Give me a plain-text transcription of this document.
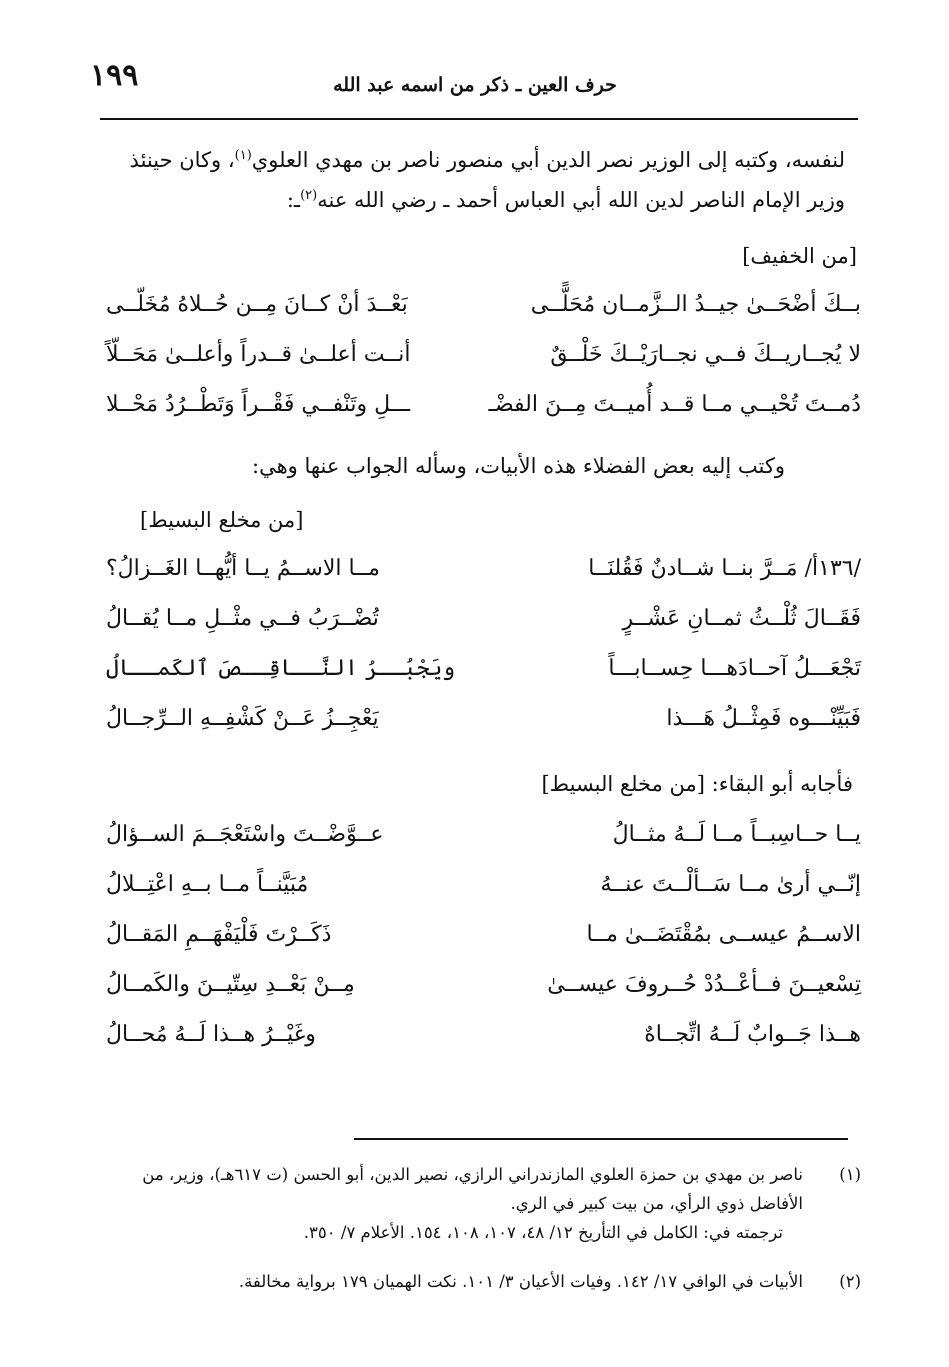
١٩٩	حرف العين ـ ذكر من اسمه عبد الله
لنفسه، وكتبه إلى الوزير نصر الدين أبي منصور ناصر بن مهدي العلوي$^{(١)}$، وكان حينئذ
وزير الإمام الناصر لدين الله أبي العباس أحمد ـ رضي الله عنه$^{(٢)}$ـ:
[من الخفيف]
بــكَ أضْحَــىٰ جيــدُ الــزَّمــان مُحَلًّــى
بَعْــدَ أنْ كــانَ مِــن حُــلاهُ مُخَلّــى
لا يُجــاريــكَ فــي نجــارَيْــكَ خَلْــقٌ
أنــت أعلــىٰ قــدراً وأعلــىٰ مَحَــلّاً
دُمــتَ تُحْيــي مــا قــد أُميــتَ مِــنَ الفضْـ
ـــلِ وتَنْفــي فَقْــراً وَتَطْــرُدُ مَحْــلا
وكتب إليه بعض الفضلاء هذه الأبيات، وسأله الجواب عنها وهي:
[من مخلع البسيط]
/١٣٦أ/ مَــرَّ بنــا شــادنٌ فَقُلنَــا
مــا الاســمُ يــا أيُّهــا الغَــزالُ؟
فَقَــالَ ثُلْــثُ ثمــانِ عَشْــرٍ
تُضْــرَبُ فــي مثْــلِ مــا يُقــالُ
تَجْعَـــلُ آحــادَهـــا حِســابـــاً
ويَجْبُــرُ النَّــاقِــصَ ٱلكَمــالُ
فَبَيِّنْـــوه فَمِثْــلُ هَـــذا
يَعْجِــزُ عَــنْ كَشْفِــهِ الــرِّجــالُ
فأجابه أبو البقاء: [من مخلع البسيط]
يــا حــاسِبــاً مــا لَــهُ مثــالُ
عــوَّضْــتَ واسْتَعْجَــمَ الســؤالُ
إنّــي أرىٰ مــا سَــألْــتَ عنــهُ
مُبَيَّنــاً مــا بــهِ اعْتِــلالُ
الاســمُ عيســى بمُقْتَضَــىٰ مــا
ذَكَــرْتَ فَلْيَفْهَــمِ المَقــالُ
تِسْعيــنَ فــأعْــدُدْ حُــروفَ عيســىٰ
مِــنْ بَعْــدِ سِتّيــنَ والكَمــالُ
هــذا جَــوابٌ لَــهُ اتِّجــاهٌ
وغَيْــرُ هــذا لَــهُ مُحــالُ
(١)ناصر بن مهدي بن حمزة العلوي المازندراني الرازي، نصير الدين، أبو الحسن (ت ٦١٧هـ)، وزير، من
الأفاضل ذوي الرأي، من بيت كبير في الري.
ترجمته في: الكامل في التأريخ ١٢/ ٤٨، ١٠٧، ١٠٨، ١٥٤. الأعلام ٧/ ٣٥٠.
(٢)الأبيات في الوافي ١٧/ ١٤٢. وفيات الأعيان ٣/ ١٠١. نكت الهميان ١٧٩ برواية مخالفة.
